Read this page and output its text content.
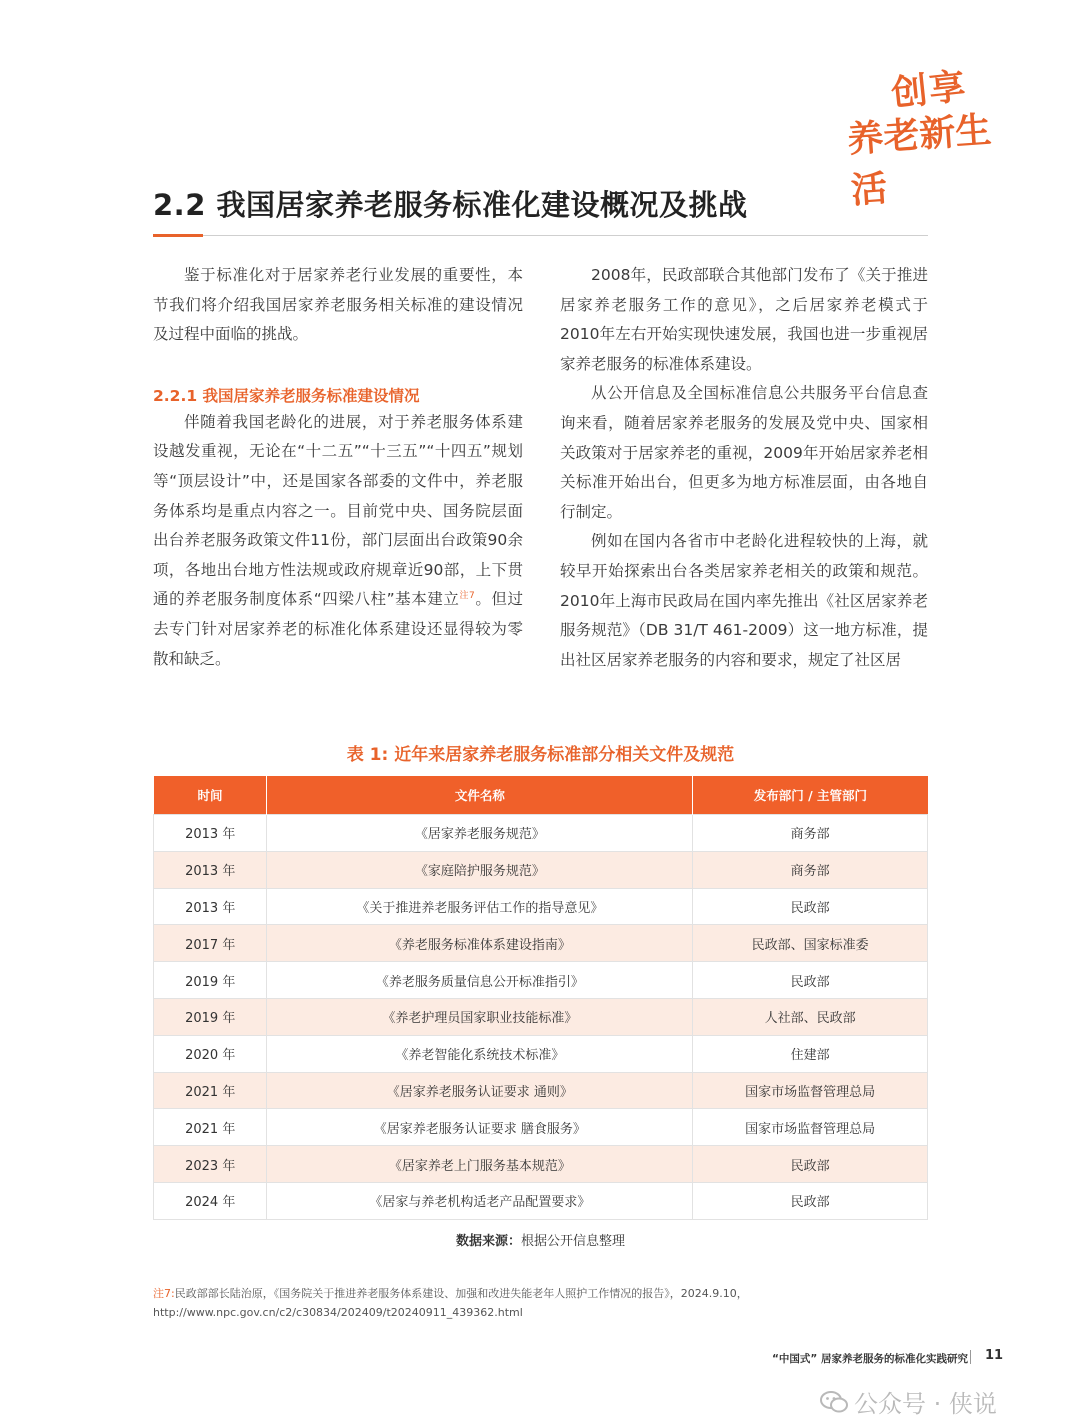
创享
养老新生活
2.2 我国居家养老服务标准化建设概况及挑战

鉴于标准化对于居家养老行业发展的重要性，本节我们将介绍我国居家养老服务相关标准的建设情况及过程中面临的挑战。

2.2.1 我国居家养老服务标准建设情况

伴随着我国老龄化的进展，对于养老服务体系建设越发重视，无论在“十二五”“十三五”“十四五”规划等“顶层设计”中，还是国家各部委的文件中，养老服务体系均是重点内容之一。目前党中央、国务院层面出台养老服务政策文件11份，部门层面出台政策90余项，各地出台地方性法规或政府规章近90部，上下贯通的养老服务制度体系“四梁八柱”基本建立$^{注7}$。但过去专门针对居家养老的标准化体系建设还显得较为零散和缺乏。

2008年，民政部联合其他部门发布了《关于推进居家养老服务工作的意见》，之后居家养老模式于2010年左右开始实现快速发展，我国也进一步重视居家养老服务的标准体系建设。

从公开信息及全国标准信息公共服务平台信息查询来看，随着居家养老服务的发展及党中央、国家相关政策对于居家养老的重视，2009年开始居家养老相关标准开始出台，但更多为地方标准层面，由各地自行制定。

例如在国内各省市中老龄化进程较快的上海，就较早开始探索出台各类居家养老相关的政策和规范。2010年上海市民政局在国内率先推出《社区居家养老服务规范》（DB 31/T 461-2009）这一地方标准，提出社区居家养老服务的内容和要求，规定了社区居

表 1: 近年来居家养老服务标准部分相关文件及规范
时间	文件名称	发布部门 / 主管部门
2013 年	《居家养老服务规范》	商务部
2013 年	《家庭陪护服务规范》	商务部
2013 年	《关于推进养老服务评估工作的指导意见》	民政部
2017 年	《养老服务标准体系建设指南》	民政部、国家标准委
2019 年	《养老服务质量信息公开标准指引》	民政部
2019 年	《养老护理员国家职业技能标准》	人社部、民政部
2020 年	《养老智能化系统技术标准》	住建部
2021 年	《居家养老服务认证要求 通则》	国家市场监督管理总局
2021 年	《居家养老服务认证要求 膳食服务》	国家市场监督管理总局
2023 年	《居家养老上门服务基本规范》	民政部
2024 年	《居家与养老机构适老产品配置要求》	民政部
数据来源：根据公开信息整理
注7:民政部部长陆治原，《国务院关于推进养老服务体系建设、加强和改进失能老年人照护工作情况的报告》，2024.9.10，http://www.npc.gov.cn/c2/c30834/202409/t20240911_439362.html
“中国式” 居家养老服务的标准化实践研究 11
公众号 · 侠说
